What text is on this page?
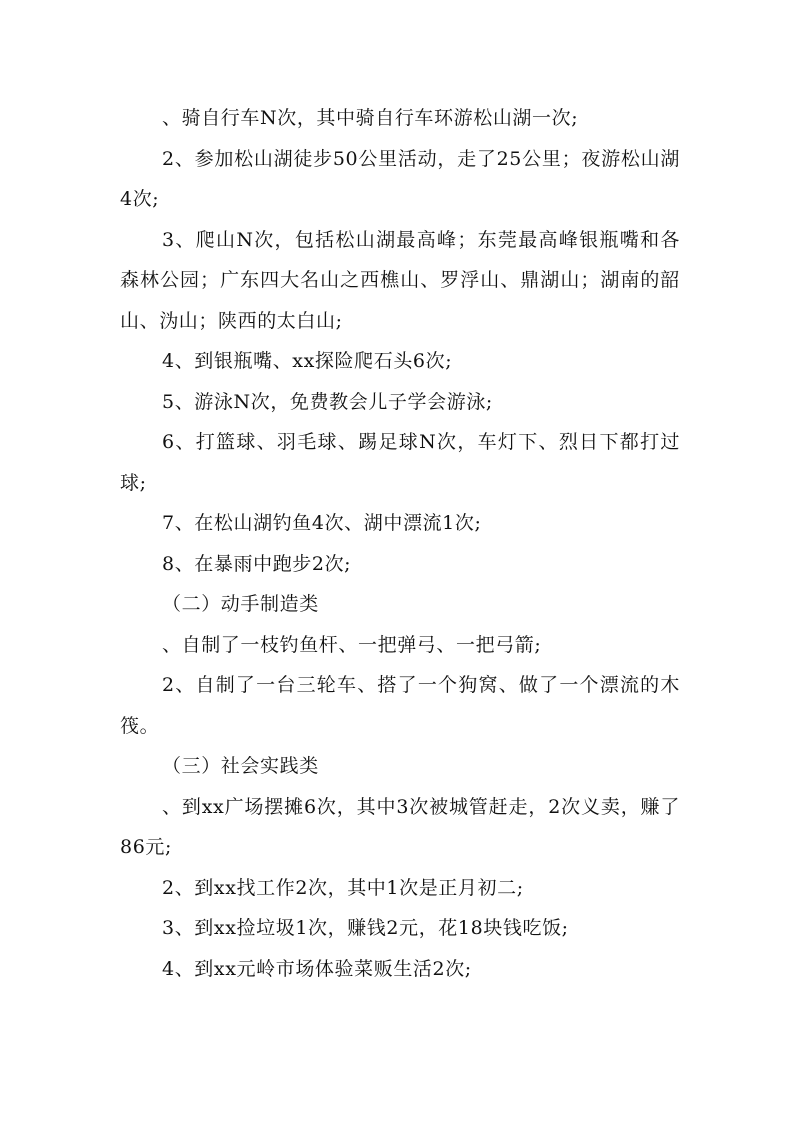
、骑自行车N次，其中骑自行车环游松山湖一次;

2、参加松山湖徒步50公里活动，走了25公里；夜游松山湖4次;

3、爬山N次，包括松山湖最高峰；东莞最高峰银瓶嘴和各森林公园；广东四大名山之西樵山、罗浮山、鼎湖山；湖南的韶山、沩山；陕西的太白山;

4、到银瓶嘴、xx探险爬石头6次;

5、游泳N次，免费教会儿子学会游泳;

6、打篮球、羽毛球、踢足球N次，车灯下、烈日下都打过球;

7、在松山湖钓鱼4次、湖中漂流1次;

8、在暴雨中跑步2次;

（二）动手制造类

、自制了一枝钓鱼杆、一把弹弓、一把弓箭;

2、自制了一台三轮车、搭了一个狗窝、做了一个漂流的木筏。

（三）社会实践类

、到xx广场摆摊6次，其中3次被城管赶走，2次义卖，赚了86元;

2、到xx找工作2次，其中1次是正月初二;

3、到xx捡垃圾1次，赚钱2元，花18块钱吃饭;

4、到xx元岭市场体验菜贩生活2次;
